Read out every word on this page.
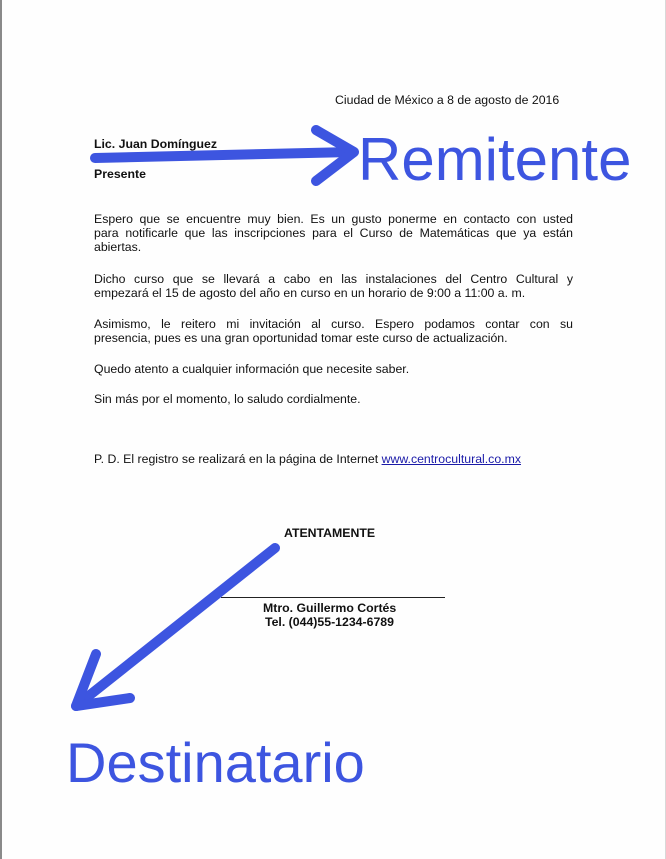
Ciudad de México a 8 de agosto de 2016

Lic. Juan Domínguez

Presente

Espero que se encuentre muy bien. Es un gusto ponerme en contacto con usted
para notificarle que las inscripciones para el Curso de Matemáticas que ya están
abiertas.
Dicho curso que se llevará a cabo en las instalaciones del Centro Cultural y
empezará el 15 de agosto del año en curso en un horario de 9:00 a 11:00 a. m.
Asimismo, le reitero mi invitación al curso. Espero podamos contar con su
presencia, pues es una gran oportunidad tomar este curso de actualización.

Quedo atento a cualquier información que necesite saber.

Sin más por el momento, lo saludo cordialmente.

P. D. El registro se realizará en la página de Internet www.centrocultural.co.mx

ATENTAMENTE

Mtro. Guillermo Cortés

Tel. (044)55-1234-6789

Remitente
Destinatario
